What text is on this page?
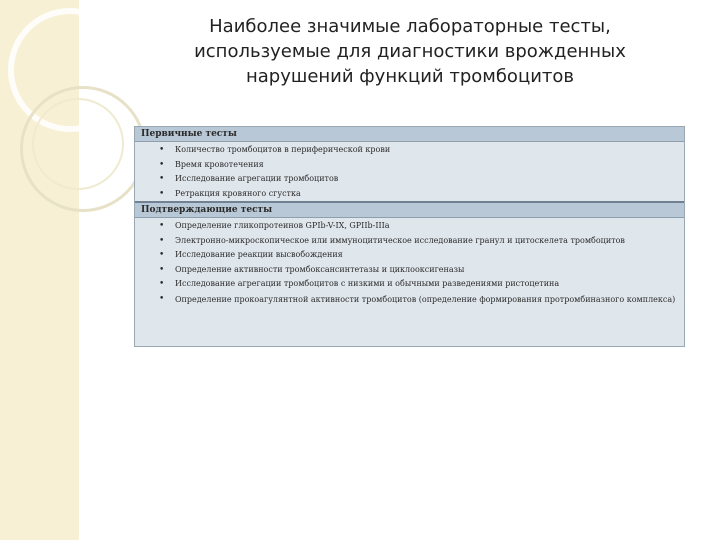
Наиболее значимые лабораторные тесты,
используемые для диагностики врожденных
нарушений функций тромбоцитов
Первичные тесты
• Количество тромбоцитов в периферической крови
• Время кровотечения
• Исследование агрегации тромбоцитов
• Ретракция кровяного сгустка
Подтверждающие тесты
• Определение гликопротеинов GPIb-V-IX, GPIIb-IIIa
• Электронно-микроскопическое или иммуноцитическое исследование гранул и цитоскелета тромбоцитов
• Исследование реакции высвобождения
• Определение активности тромбоксансинтетазы и циклооксигеназы
• Исследование агрегации тромбоцитов с низкими и обычными разведениями ристоцетина
• Определение прокоагулянтной активности тромбоцитов (определение формирования протромбиназного комплекса)
